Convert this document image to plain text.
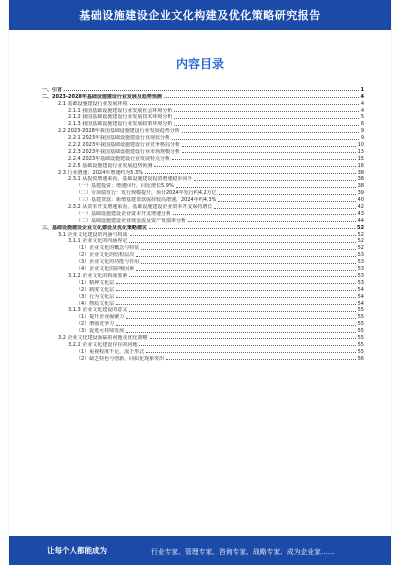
基础设施建设企业文化构建及优化策略研究报告
内容目录
一、引言	1
二、2023-2028年基础设施建设行业发展及趋势预测	4
2.1 基础设施建设行业发展环境	4
2.1.1 我国基础设施建设行业发展社会环境分析	4
2.1.2 我国基础设施建设行业发展技术环境分析	5
2.1.3 我国基础设施建设行业发展政策环境分析	6
2.2 2023-2028年我国基础设施建设行业发展趋势分析	9
2.2.1 2023年我国基础设施建设行业现状分析	9
2.2.2 2023年我国基础设施建设行业竞争格局分析	10
2.2.3 2023年我国基础设施建设行业市场规模分析	13
2.2.4 2023年基础设施建设行业发展特点分析	15
2.2.5 基础设施建设行业发展趋势预测	16
2.3 行业增速：2024年增速约为5.3%	38
2.3.1 从投资增速来看，基础设施建设投资增速稳步回升	38
（一）基建投资：增速回升，同比增长5.9%	38
（二）专项债发行：发行规模提升，预计2024年发行约4.2万亿	39
（三）基建贷款：新增基建贷款保持较高增速，2024年约4.3%	40
2.3.2 从资本开支增速来看，基础设施建设企业资本开支保持增长	42
（一）基础设施建设企业资本开支增速分析	43
（二）基础设施建设企业现金流及资产负债率分析	44
三、基础设施建设企业文化建设及优化策略建议	52
3.1 企业文化建设的内涵与构成	52
3.1.1 企业文化的内涵界定	52
（1）企业文化的概念与特征	52
（2）企业文化的结构层次	53
（3）企业文化的功能与作用	53
（4）企业文化的影响因素	53
3.1.2 企业文化的构成要素	53
（1）精神文化层	53
（2）制度文化层	54
（3）行为文化层	54
（4）物质文化层	54
3.1.3 企业文化建设的意义	55
（1）提升企业凝聚力	55
（2）增强竞争力	55
（3）促进可持续发展	55
3.2 企业文化建设面临的问题及优化策略	55
3.2.1 企业文化建设存在的问题	55
（1）重视程度不足，流于形式	55
（2）缺乏特色与创新，同质化现象突出	56
让每个人都能成为	行业专家、管理专家、咨询专家、战略专家、成为企业家……
